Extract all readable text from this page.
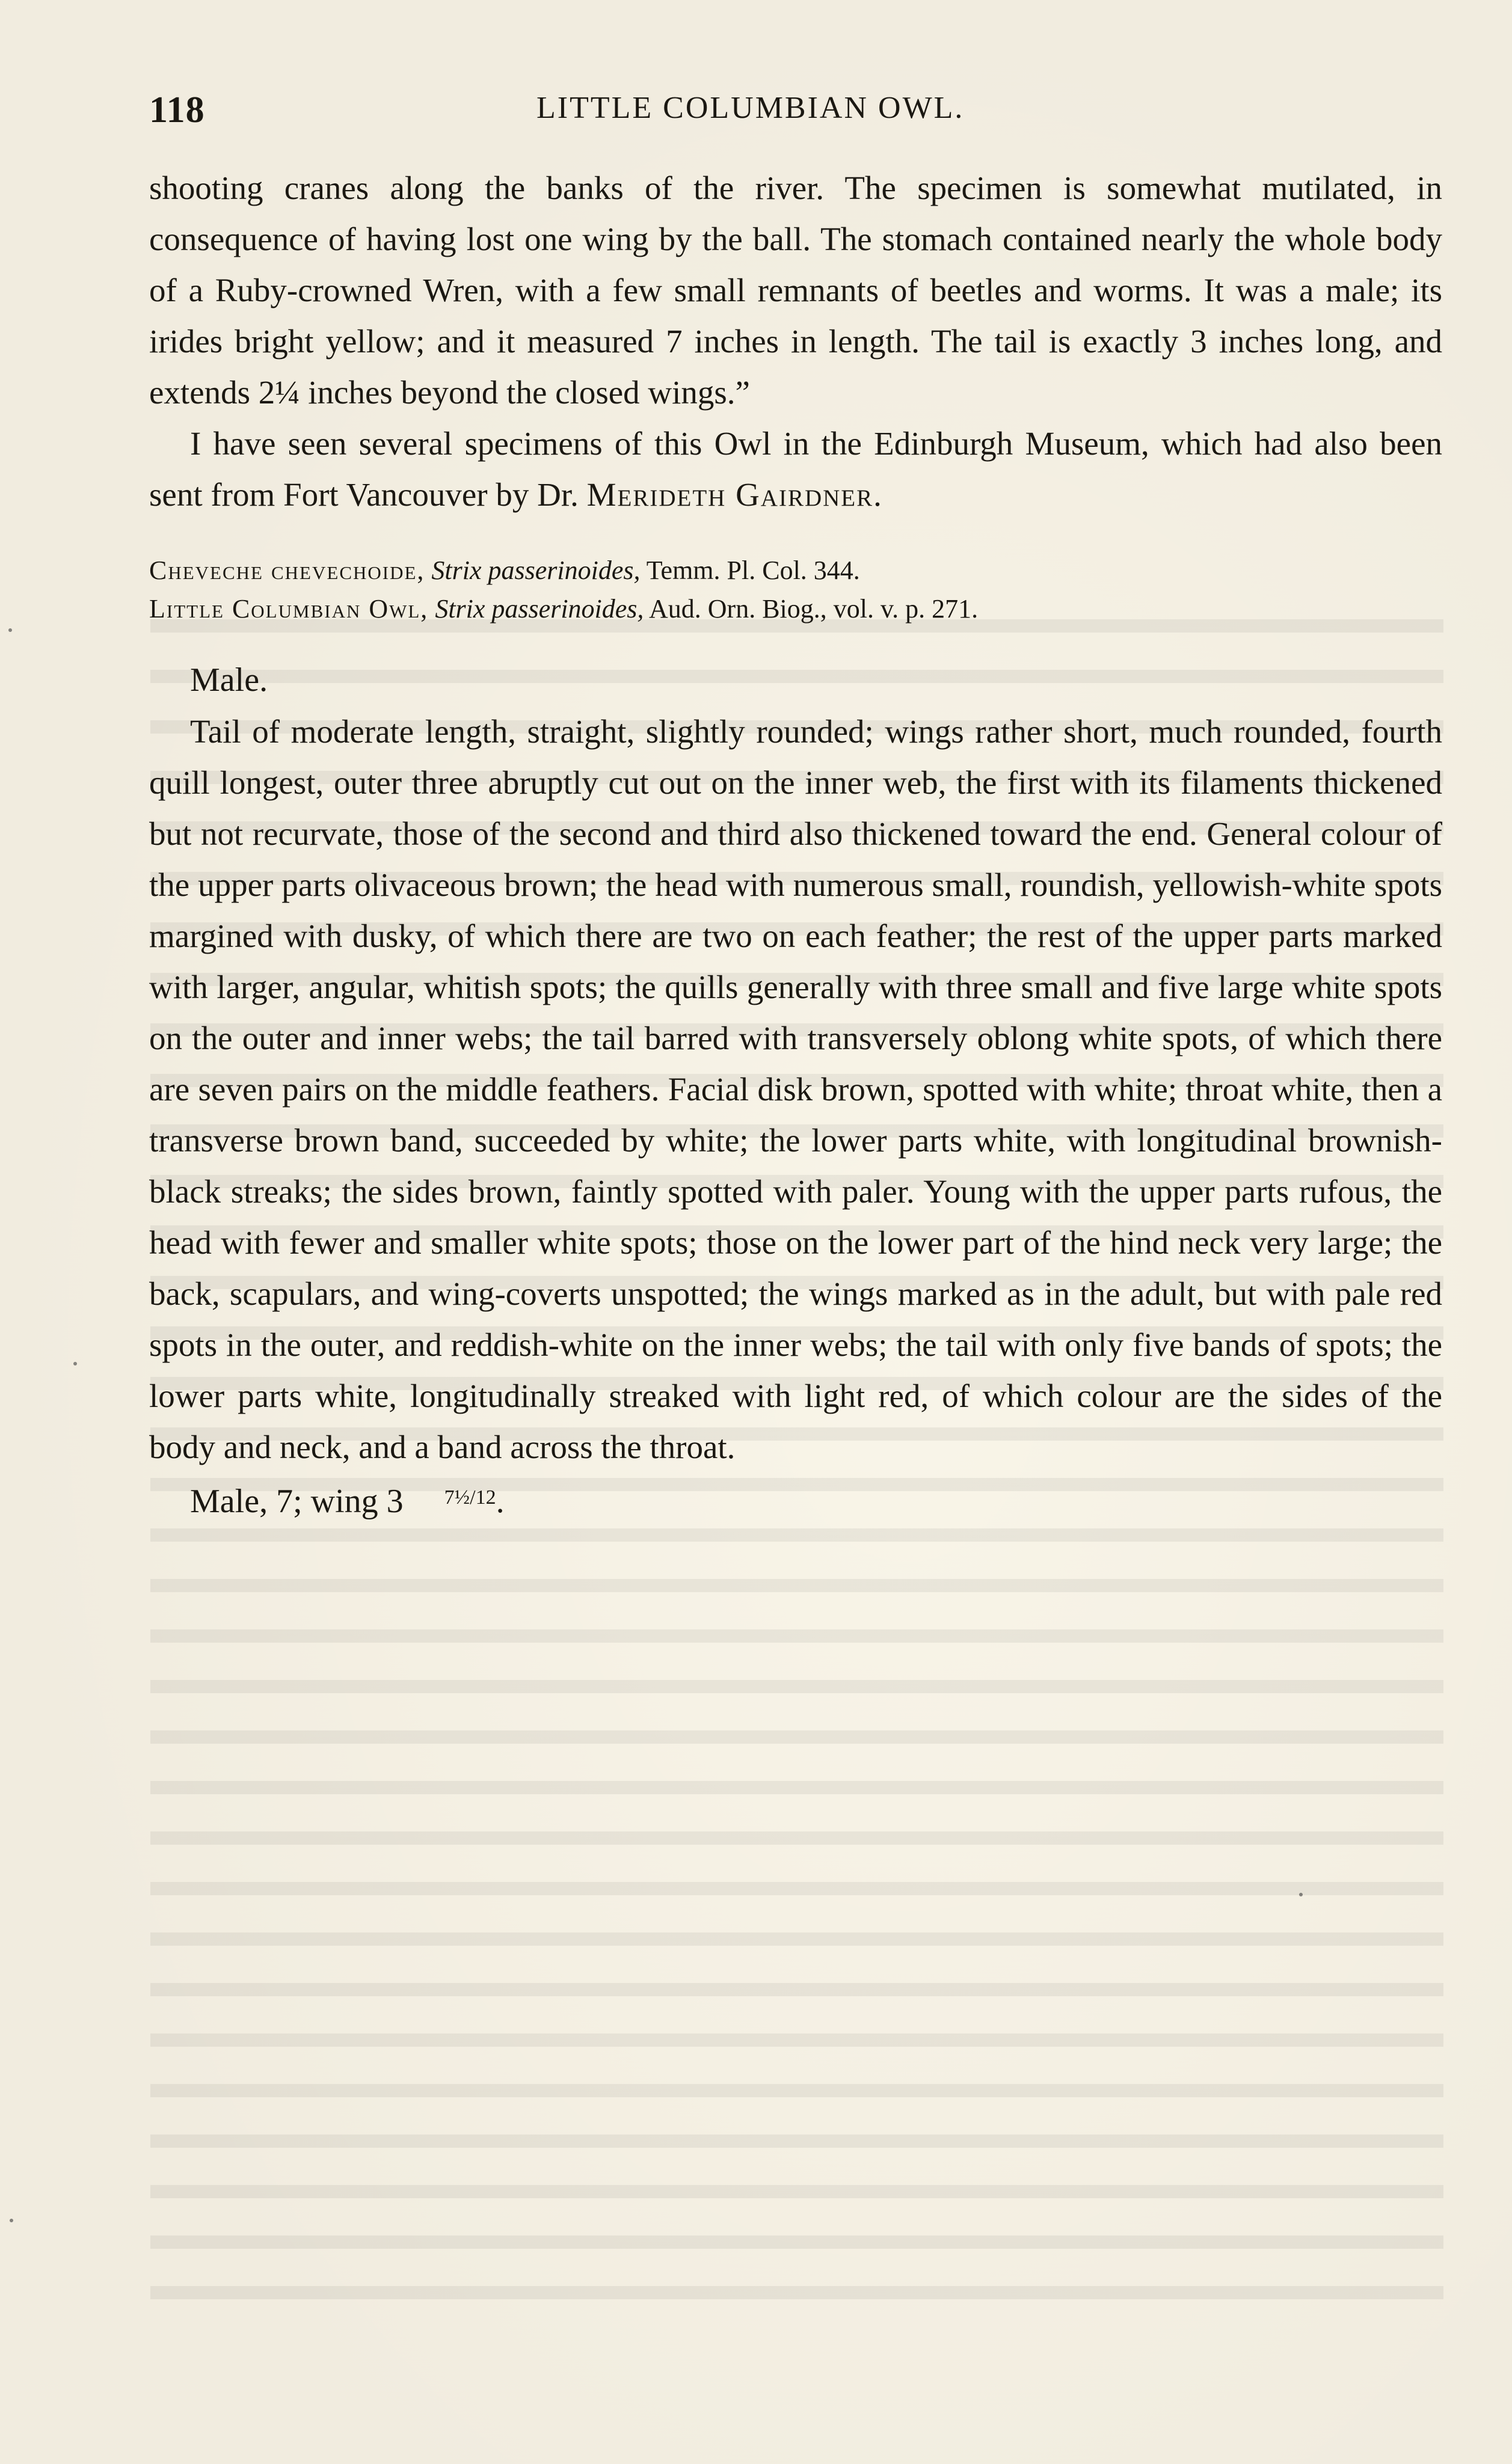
118	LITTLE COLUMBIAN OWL.

shooting cranes along the banks of the river. The specimen is somewhat mutilated, in consequence of having lost one wing by the ball. The stomach contained nearly the whole body of a Ruby-crowned Wren, with a few small remnants of beetles and worms. It was a male; its irides bright yellow; and it measured 7 inches in length. The tail is exactly 3 inches long, and extends 2¼ inches beyond the closed wings.”

I have seen several specimens of this Owl in the Edinburgh Museum, which had also been sent from Fort Vancouver by Dr. Merideth Gairdner.

Cheveche chevechoide, Strix passerinoides, Temm. Pl. Col. 344.
Little Columbian Owl, Strix passerinoides, Aud. Orn. Biog., vol. v. p. 271.
Male.

Tail of moderate length, straight, slightly rounded; wings rather short, much rounded, fourth quill longest, outer three abruptly cut out on the inner web, the first with its filaments thickened but not recurvate, those of the second and third also thickened toward the end. General colour of the upper parts olivaceous brown; the head with numerous small, roundish, yellowish-white spots margined with dusky, of which there are two on each feather; the rest of the upper parts marked with larger, angular, whitish spots; the quills generally with three small and five large white spots on the outer and inner webs; the tail barred with transversely oblong white spots, of which there are seven pairs on the middle feathers. Facial disk brown, spotted with white; throat white, then a transverse brown band, succeeded by white; the lower parts white, with longitudinal brownish-black streaks; the sides brown, faintly spotted with paler. Young with the upper parts rufous, the head with fewer and smaller white spots; those on the lower part of the hind neck very large; the back, scapulars, and wing-coverts unspotted; the wings marked as in the adult, but with pale red spots in the outer, and reddish-white on the inner webs; the tail with only five bands of spots; the lower parts white, longitudinally streaked with light red, of which colour are the sides of the body and neck, and a band across the throat.

Male, 7; wing 3 7½/12.
